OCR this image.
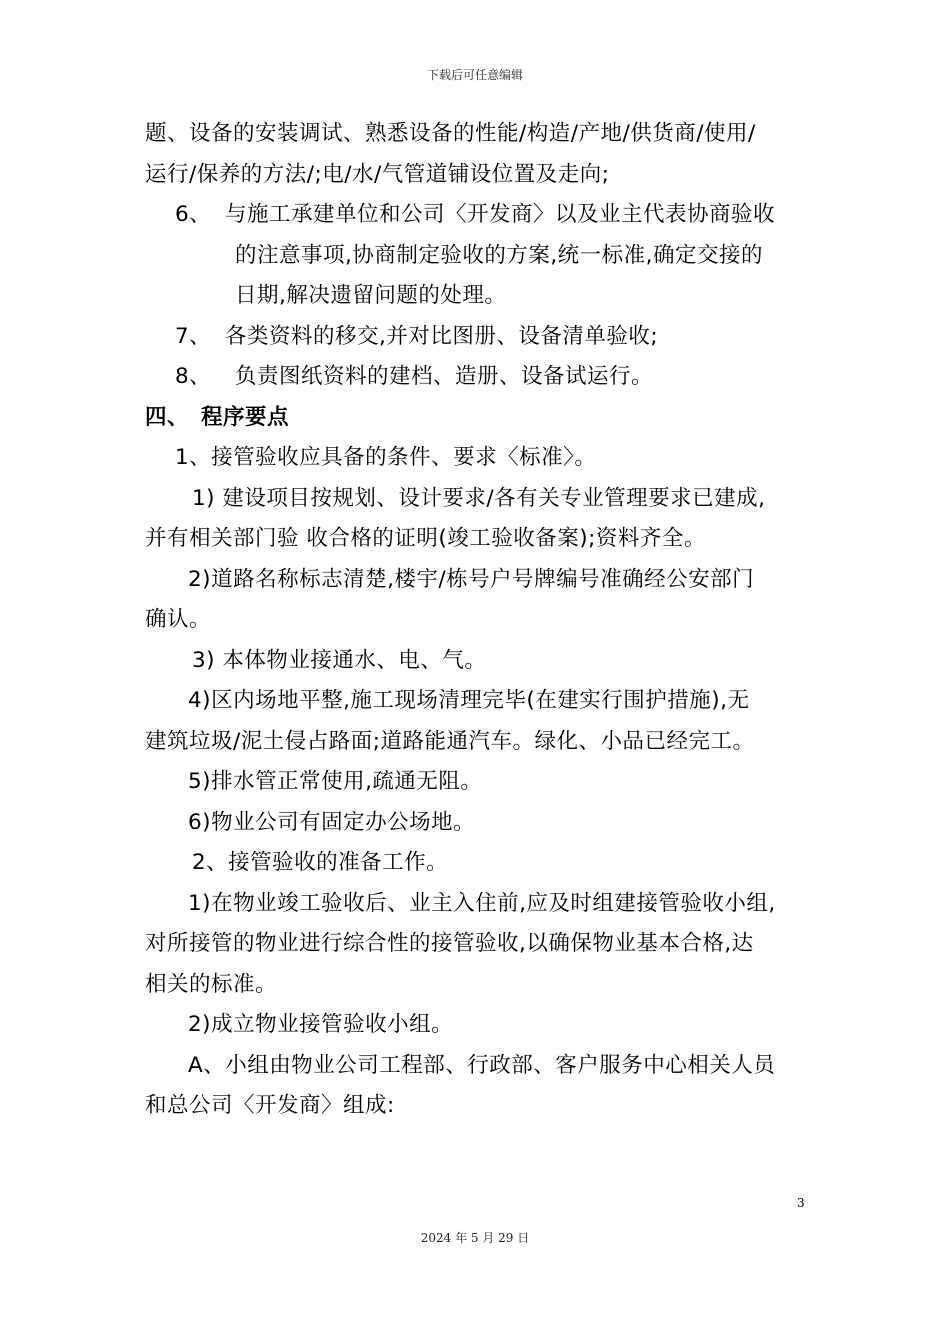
下载后可任意编辑
题、设备的安装调试、熟悉设备的性能/构造/产地/供货商/使用/
运行/保养的方法/;电/水/气管道铺设位置及走向;
6、 与施工承建单位和公司〈开发商〉以及业主代表协商验收
的注意事项,协商制定验收的方案,统一标准,确定交接的
日期,解决遗留问题的处理。
7、 各类资料的移交,并对比图册、设备清单验收;
8、 负责图纸资料的建档、造册、设备试运行。
四、 程序要点
1、接管验收应具备的条件、要求〈标准〉。
1) 建设项目按规划、设计要求/各有关专业管理要求已建成,
并有相关部门验 收合格的证明(竣工验收备案);资料齐全。
2)道路名称标志清楚,楼宇/栋号户号牌编号准确经公安部门
确认。
3) 本体物业接通水、电、气。
4)区内场地平整,施工现场清理完毕(在建实行围护措施),无
建筑垃圾/泥土侵占路面;道路能通汽车。绿化、小品已经完工。
5)排水管正常使用,疏通无阻。
6)物业公司有固定办公场地。
2、接管验收的准备工作。
1)在物业竣工验收后、业主入住前,应及时组建接管验收小组,
对所接管的物业进行综合性的接管验收,以确保物业基本合格,达
相关的标准。
2)成立物业接管验收小组。
A、小组由物业公司工程部、行政部、客户服务中心相关人员
和总公司〈开发商〉组成:
3
2024 年 5 月 29 日
